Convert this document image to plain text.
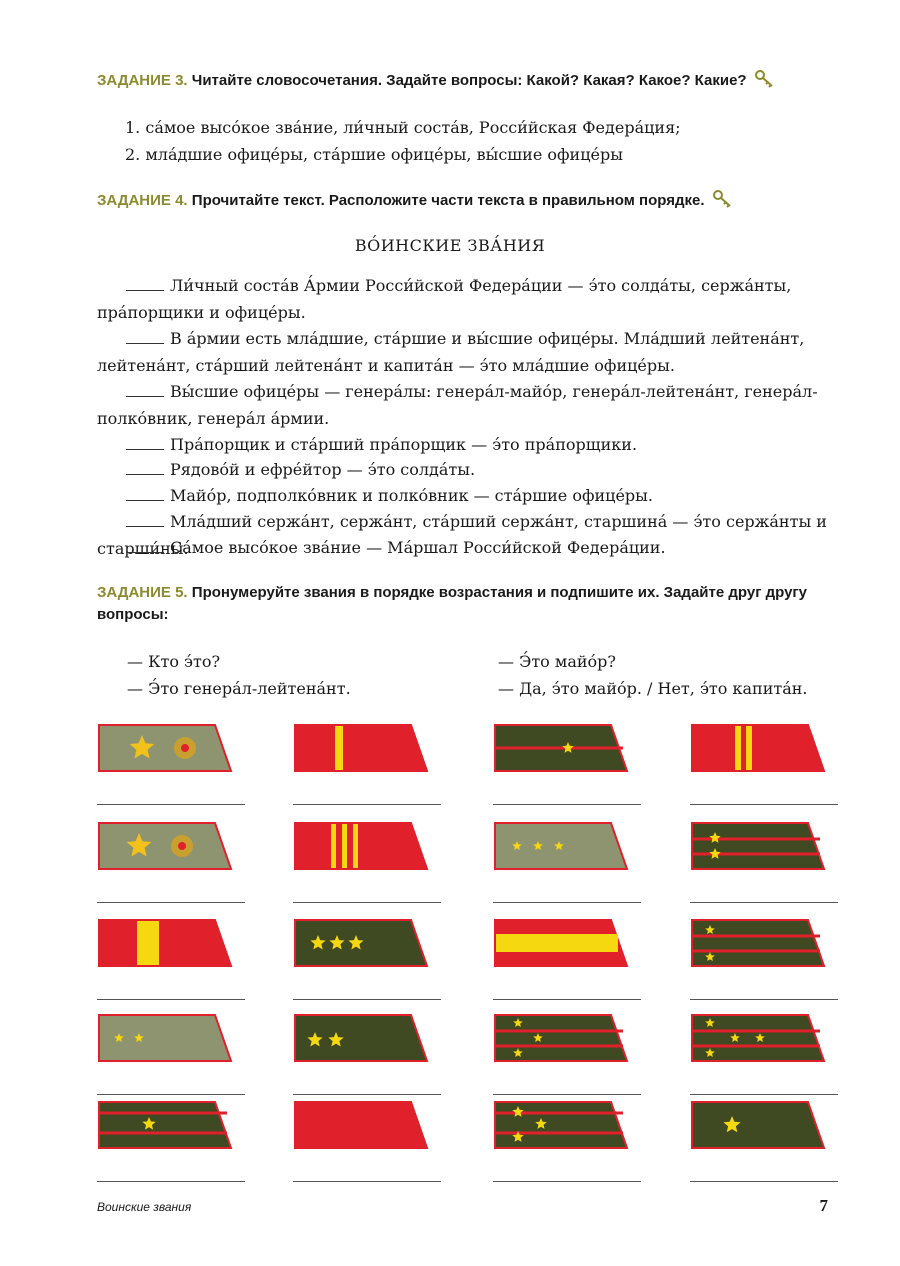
ЗАДАНИЕ 3. Читайте словосочетания. Задайте вопросы: Какой? Какая? Какое? Какие?
1. са́мое высо́кое зва́ние, ли́чный соста́в, Росси́йская Федера́ция;
2. мла́дшие офице́ры, ста́ршие офице́ры, вы́сшие офице́ры
ЗАДАНИЕ 4. Прочитайте текст. Расположите части текста в правильном порядке.
ВО́ИНСКИЕ ЗВА́НИЯ
Ли́чный соста́в А́рмии Росси́йской Федера́ции — э́то солда́ты, сержа́нты, пра́порщики и офице́ры.
В а́рмии есть мла́дшие, ста́ршие и вы́сшие офице́ры. Мла́дший лейтена́нт, лейтена́нт, ста́рший лейтена́нт и капита́н — э́то мла́дшие офице́ры.
Вы́сшие офице́ры — генера́лы: генера́л-майо́р, генера́л-лейтена́нт, генера́л-полко́вник, генера́л а́рмии.
Пра́порщик и ста́рший пра́порщик — э́то пра́порщики.
Рядово́й и ефре́йтор — э́то солда́ты.
Майо́р, подполко́вник и полко́вник — ста́ршие офице́ры.
Мла́дший сержа́нт, сержа́нт, ста́рший сержа́нт, старшина́ — э́то сержа́нты и старши́ны.
Са́мое высо́кое зва́ние — Ма́ршал Росси́йской Федера́ции.
ЗАДАНИЕ 5. Пронумеруйте звания в порядке возрастания и подпишите их. Задайте друг другу вопросы:
— Кто э́то?
— Э́то генера́л-лейтена́нт.
— Э́то майо́р?
— Да, э́то майо́р. / Нет, э́то капита́н.
Воинские звания	7
